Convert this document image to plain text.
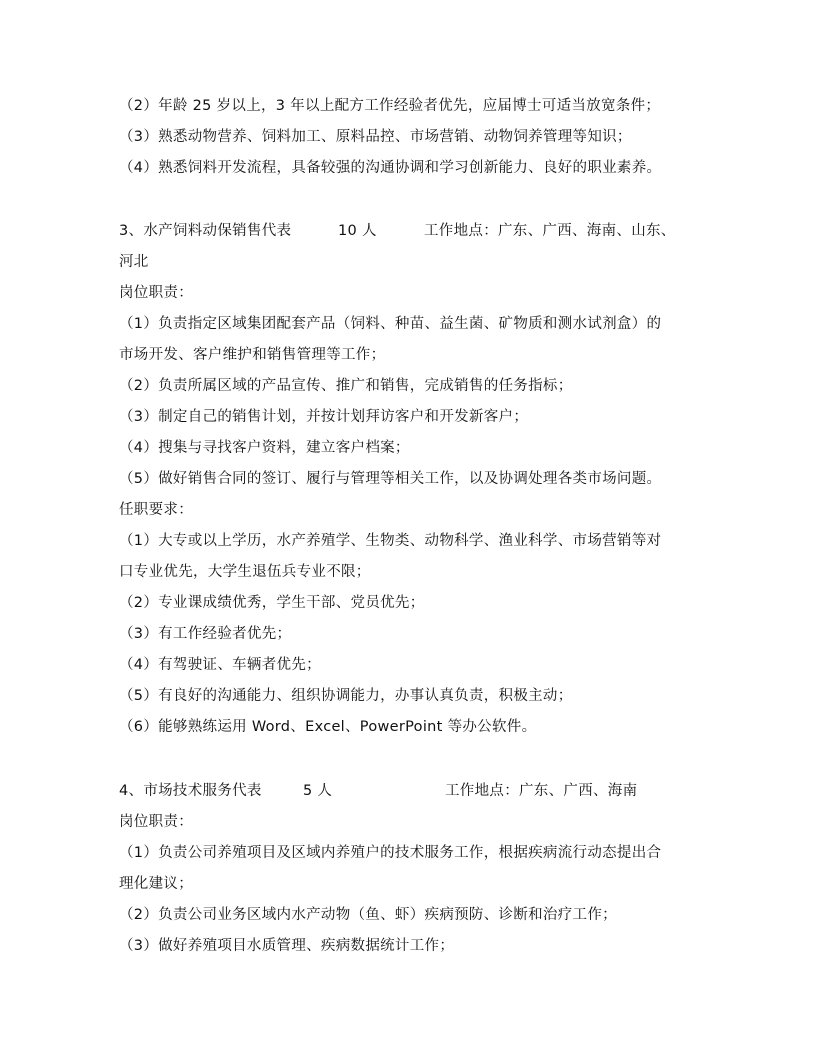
（2）年龄 25 岁以上，3 年以上配方工作经验者优先，应届博士可适当放宽条件；
（3）熟悉动物营养、饲料加工、原料品控、市场营销、动物饲养管理等知识；
（4）熟悉饲料开发流程，具备较强的沟通协调和学习创新能力、良好的职业素养。
3、水产饲料动保销售代表	10 人	工作地点：广东、广西、海南、山东、
河北
岗位职责：
（1）负责指定区域集团配套产品（饲料、种苗、益生菌、矿物质和测水试剂盒）的
市场开发、客户维护和销售管理等工作；
（2）负责所属区域的产品宣传、推广和销售，完成销售的任务指标；
（3）制定自己的销售计划，并按计划拜访客户和开发新客户；
（4）搜集与寻找客户资料，建立客户档案；
（5）做好销售合同的签订、履行与管理等相关工作，以及协调处理各类市场问题。
任职要求：
（1）大专或以上学历，水产养殖学、生物类、动物科学、渔业科学、市场营销等对
口专业优先，大学生退伍兵专业不限；
（2）专业课成绩优秀，学生干部、党员优先；
（3）有工作经验者优先；
（4）有驾驶证、车辆者优先；
（5）有良好的沟通能力、组织协调能力，办事认真负责，积极主动；
（6）能够熟练运用 Word、Excel、PowerPoint 等办公软件。
4、市场技术服务代表	5 人	工作地点：广东、广西、海南
岗位职责：
（1）负责公司养殖项目及区域内养殖户的技术服务工作，根据疾病流行动态提出合
理化建议；
（2）负责公司业务区域内水产动物（鱼、虾）疾病预防、诊断和治疗工作；
（3）做好养殖项目水质管理、疾病数据统计工作；
